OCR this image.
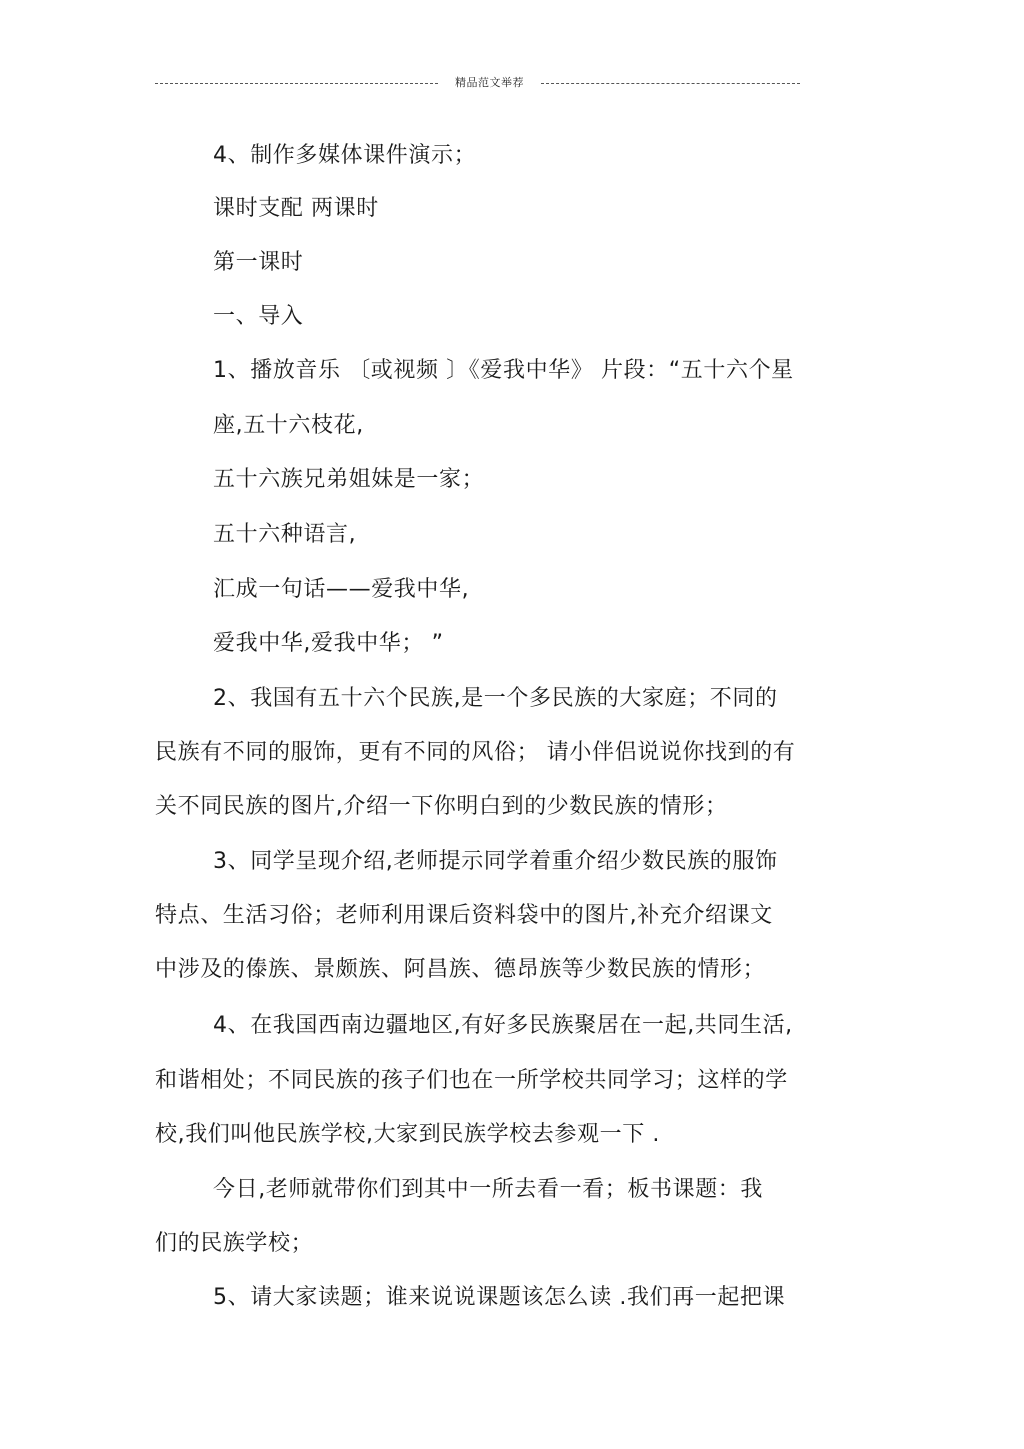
精品范文举荐
4、制作多媒体课件演示；
课时支配 两课时
第一课时
一、导入
1、播放音乐 〔或视频 〕《爱我中华》 片段：“五十六个星
座,五十六枝花,
五十六族兄弟姐妹是一家；
五十六种语言,
汇成一句话——爱我中华,
爱我中华,爱我中华； ”
2、我国有五十六个民族,是一个多民族的大家庭；不同的
民族有不同的服饰，更有不同的风俗； 请小伴侣说说你找到的有
关不同民族的图片,介绍一下你明白到的少数民族的情形；
3、同学呈现介绍,老师提示同学着重介绍少数民族的服饰
特点、生活习俗；老师利用课后资料袋中的图片,补充介绍课文
中涉及的傣族、景颇族、阿昌族、德昂族等少数民族的情形；
4、在我国西南边疆地区,有好多民族聚居在一起,共同生活,
和谐相处；不同民族的孩子们也在一所学校共同学习；这样的学
校,我们叫他民族学校,大家到民族学校去参观一下 .
今日,老师就带你们到其中一所去看一看；板书课题：我
们的民族学校；
5、请大家读题；谁来说说课题该怎么读 .我们再一起把课
